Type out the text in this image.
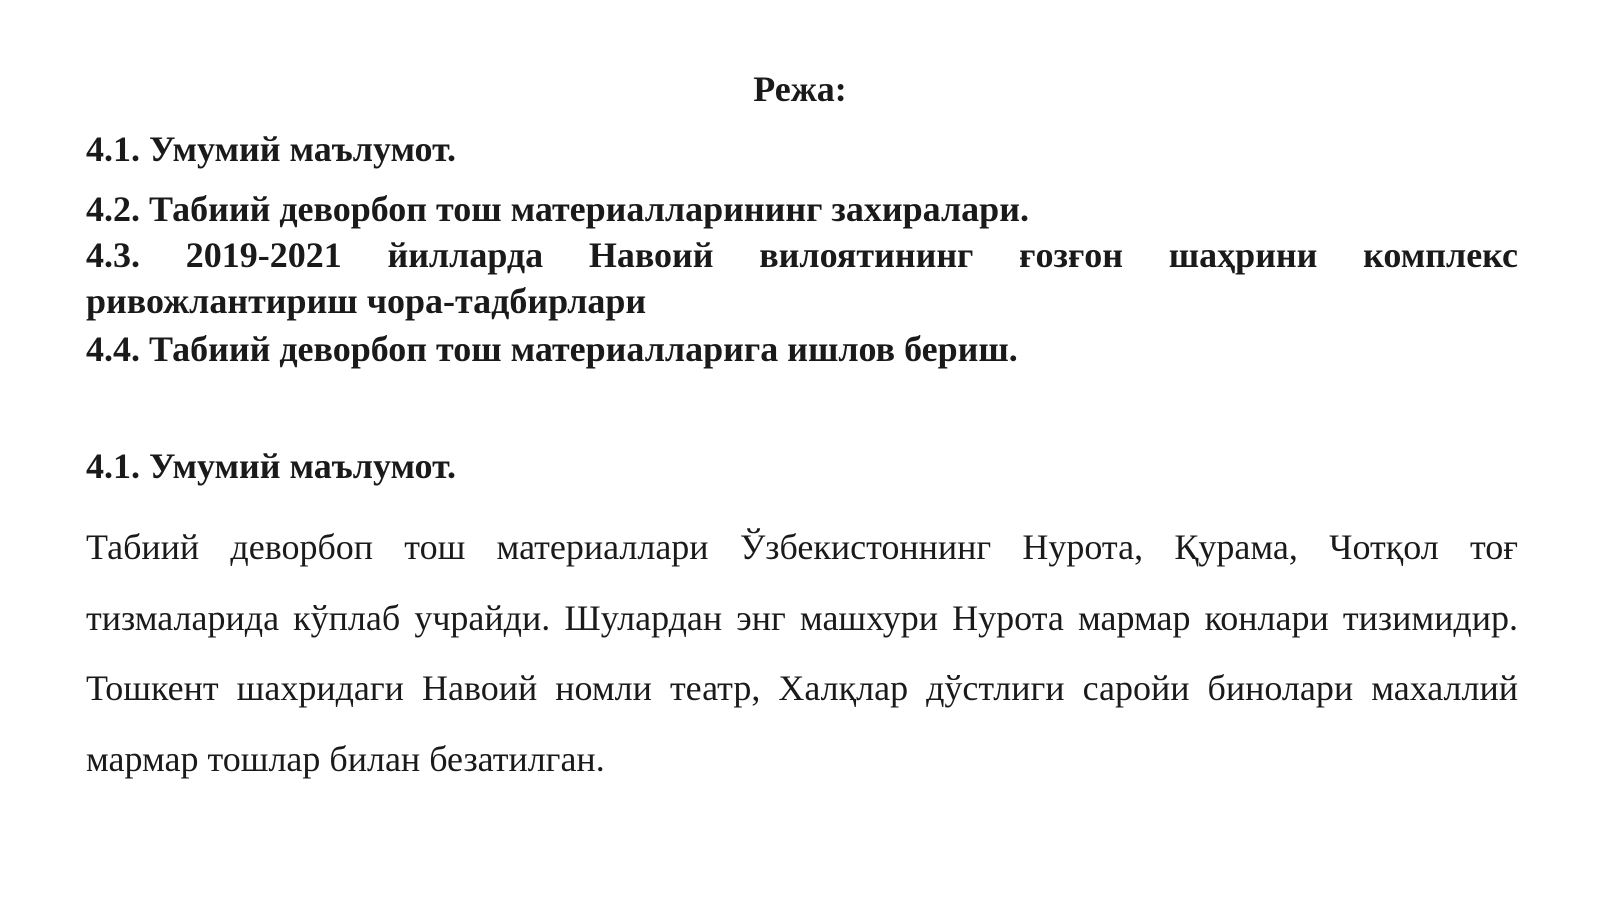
Режа:
4.1. Умумий маълумот.
4.2. Табиий деворбоп тош материалларининг захиралари.
4.3. 2019-2021 йилларда Навоий вилоятининг ғозғон шаҳрини комплекс ривожлантириш чора-тадбирлари
4.4. Табиий деворбоп тош материалларига ишлов бериш.
4.1. Умумий маълумот.
Табиий деворбоп тош материаллари Ўзбекистоннинг Нурота, Қурама, Чотқол тоғ тизмаларида кўплаб учрайди. Шулардан энг машхури Нурота мармар конлари тизимидир. Тошкент шахридаги Навоий номли театр, Халқлар дўстлиги саройи бинолари махаллий мармар тошлар билан безатилган.
